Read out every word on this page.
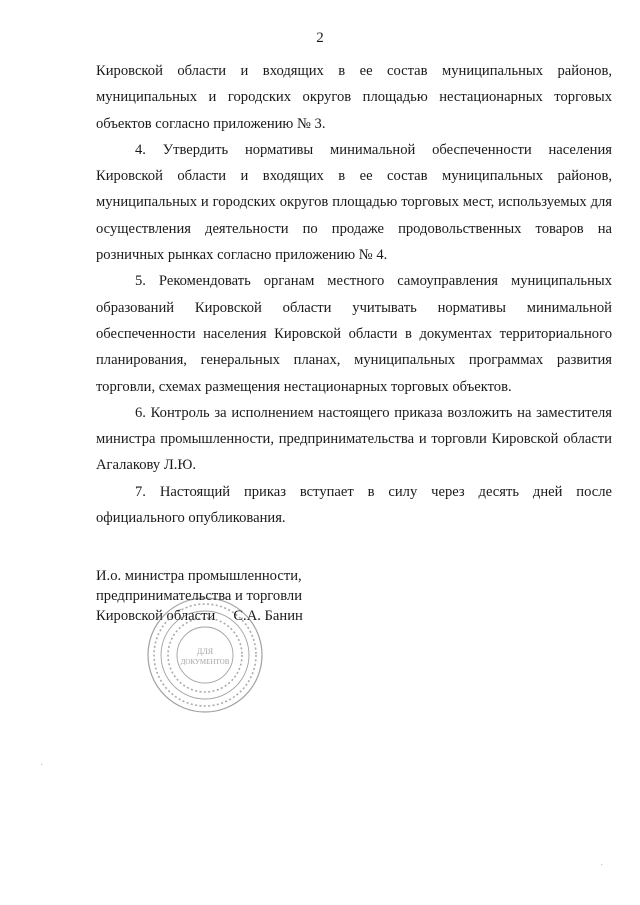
2

Кировской области и входящих в ее состав муниципальных районов, муниципальных и городских округов площадью нестационарных торговых объектов согласно приложению № 3.

4. Утвердить нормативы минимальной обеспеченности населения Кировской области и входящих в ее состав муниципальных районов, муниципальных и городских округов площадью торговых мест, используемых для осуществления деятельности по продаже продовольственных товаров на розничных рынках согласно приложению № 4.

5. Рекомендовать органам местного самоуправления муниципальных образований Кировской области учитывать нормативы минимальной обеспеченности населения Кировской области в документах территориального планирования, генеральных планах, муниципальных программах развития торговли, схемах размещения нестационарных торговых объектов.

6. Контроль за исполнением настоящего приказа возложить на заместителя министра промышленности, предпринимательства и торговли Кировской области Агалакову Л.Ю.

7. Настоящий приказ вступает в силу через десять дней после официального опубликования.

И.о. министра промышленности,
предпринимательства и торговли
Кировской области С.А. Банин
ДЛЯ
ДОКУМЕНТОВ
·
·
